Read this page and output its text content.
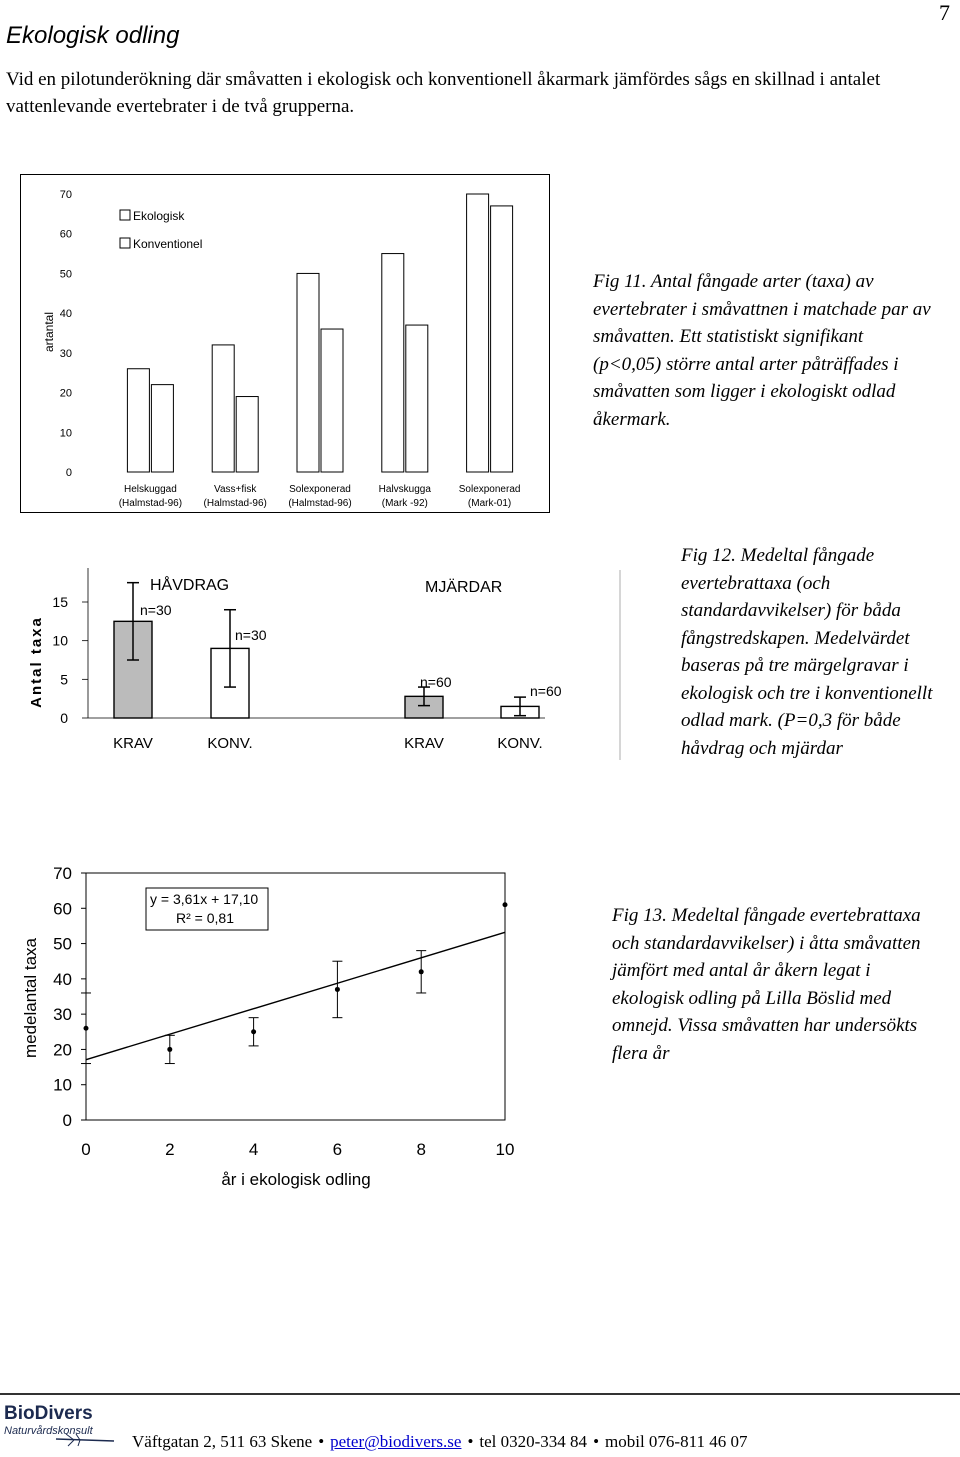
Ekologisk odling
7
Vid en pilotunderökning där småvatten i ekologisk och konventionell åkarmark jämfördes sågs en skillnad i antalet vattenlevande evertebrater i de två grupperna.
0
10
20
30
40
50
60
70
artantal
Helskuggad
(Halmstad-96)
Vass+fisk
(Halmstad-96)
Solexponerad
(Halmstad-96)
Halvskugga
(Mark -92)
Solexponerad
(Mark-01)
Ekologisk
Konventionel
Fig 11. Antal fångade arter (taxa) av evertebrater i småvattnen i matchade par av småvatten. Ett statistiskt signifikant (p<0,05) större antal arter påträffades i småvatten som ligger i ekologiskt odlad åkermark.
0
5
10
15
Antal taxa
KRAV	KONV.	KRAV	KONV.
n=30
n=30
n=60
n=60
HÅVDRAG	MJÄRDAR
Fig 12. Medeltal fångade evertebrattaxa (och standardavvikelser) för båda fångstredskapen. Medelvärdet baseras på tre märgelgravar i ekologisk och tre i konventionellt odlad mark. (P=0,3 för både håvdrag och mjärdar
0
10
20
30
40
50
60
70
0	2	4	6	8	10
år i ekologisk odling
medelantal taxa
y = 3,61x + 17,10
R² = 0,81	Fig 13. Medeltal fångade evertebrattaxa och standardavvikelser) i åtta småvatten jämfört med antal år åkern legat i ekologisk odling på Lilla Böslid med omnejd. Vissa småvatten har undersökts flera år
BioDivers
Naturvårdskonsult
Väftgatan 2, 511 63 Skene • peter@biodivers.se • tel 0320-334 84 • mobil 076-811 46 07
